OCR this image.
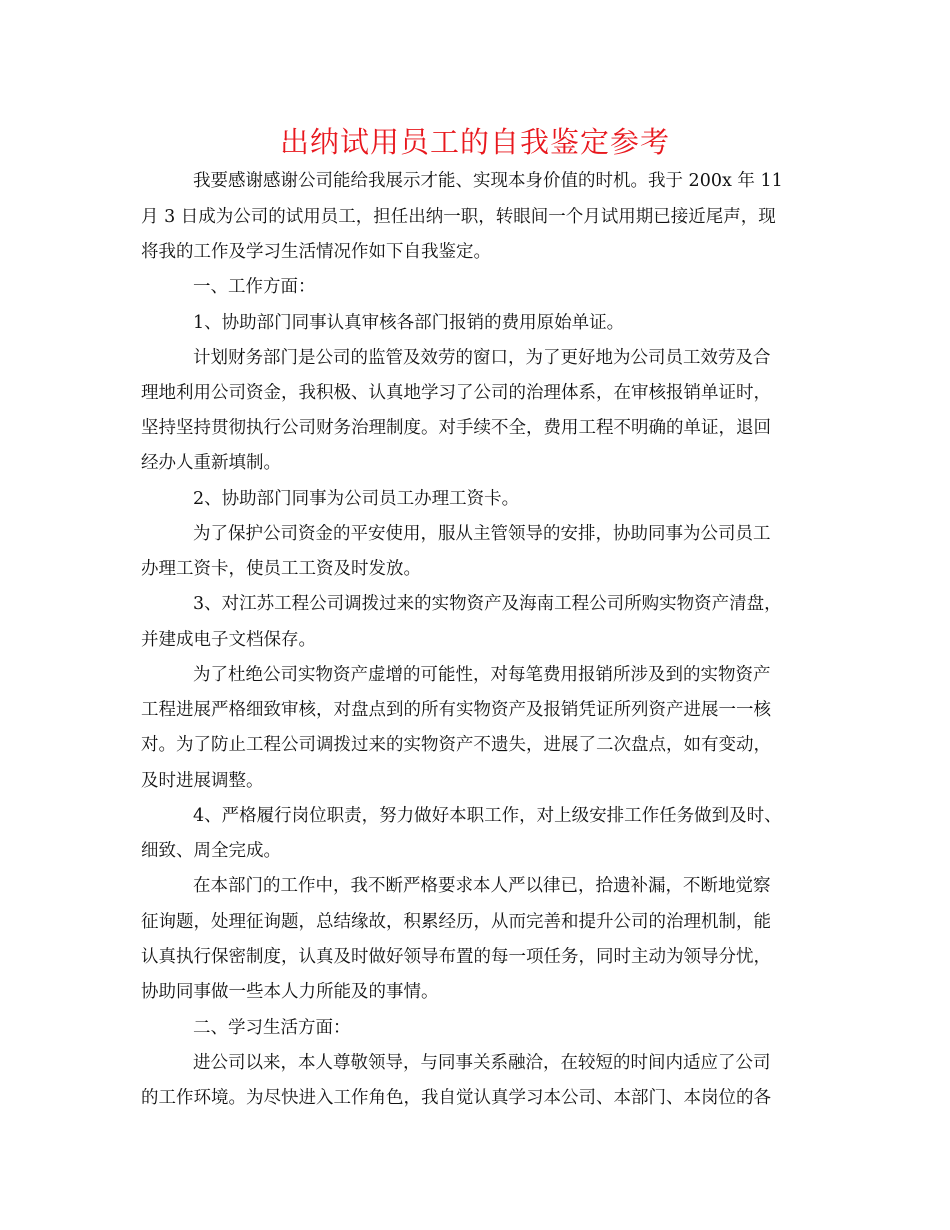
出纳试用员工的自我鉴定参考
我要感谢感谢公司能给我展示才能、实现本身价值的时机。我于 200x 年 11
月 3 日成为公司的试用员工，担任出纳一职，转眼间一个月试用期已接近尾声，现
将我的工作及学习生活情况作如下自我鉴定。
一、工作方面：
1、协助部门同事认真审核各部门报销的费用原始单证。
计划财务部门是公司的监管及效劳的窗口，为了更好地为公司员工效劳及合
理地利用公司资金，我积极、认真地学习了公司的治理体系，在审核报销单证时，
坚持坚持贯彻执行公司财务治理制度。对手续不全，费用工程不明确的单证，退回
经办人重新填制。
2、协助部门同事为公司员工办理工资卡。
为了保护公司资金的平安使用，服从主管领导的安排，协助同事为公司员工
办理工资卡，使员工工资及时发放。
3、对江苏工程公司调拨过来的实物资产及海南工程公司所购实物资产清盘，
并建成电子文档保存。
为了杜绝公司实物资产虚增的可能性，对每笔费用报销所涉及到的实物资产
工程进展严格细致审核，对盘点到的所有实物资产及报销凭证所列资产进展一一核
对。为了防止工程公司调拨过来的实物资产不遗失，进展了二次盘点，如有变动，
及时进展调整。
4、严格履行岗位职责，努力做好本职工作，对上级安排工作任务做到及时、
细致、周全完成。
在本部门的工作中，我不断严格要求本人严以律已，拾遗补漏，不断地觉察
征询题，处理征询题，总结缘故，积累经历，从而完善和提升公司的治理机制，能
认真执行保密制度，认真及时做好领导布置的每一项任务，同时主动为领导分忧，
协助同事做一些本人力所能及的事情。
二、学习生活方面：
进公司以来，本人尊敬领导，与同事关系融洽，在较短的时间内适应了公司
的工作环境。为尽快进入工作角色，我自觉认真学习本公司、本部门、本岗位的各
